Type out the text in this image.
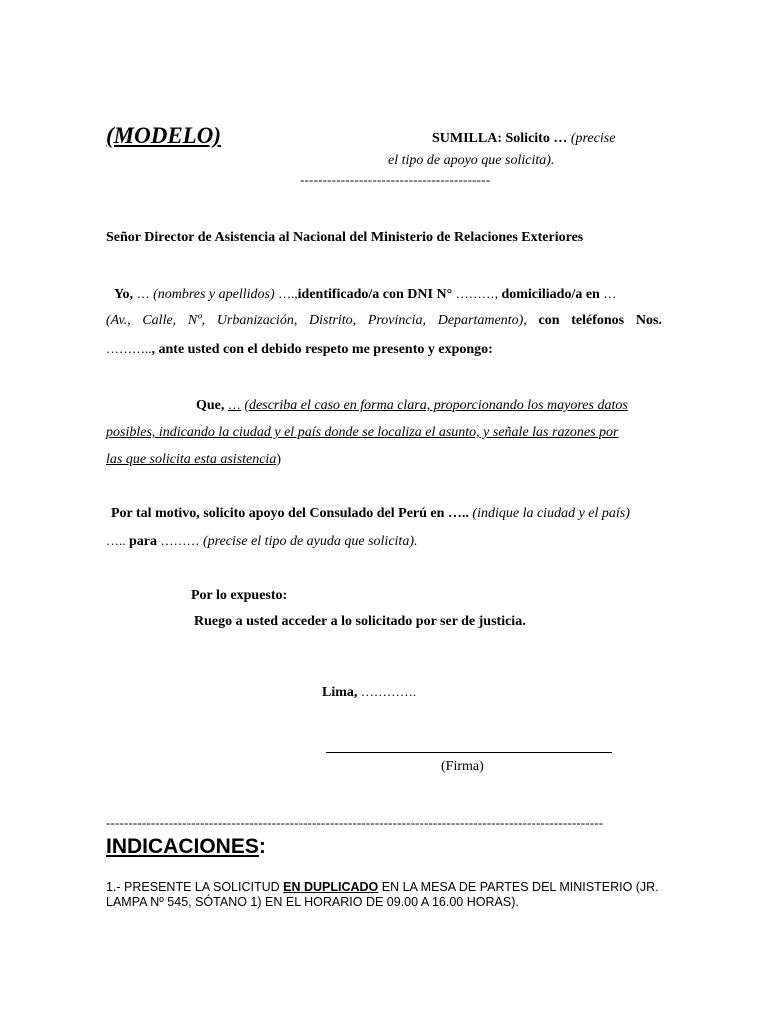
(MODELO)	SUMILLA: Solicito … (precise
el tipo de apoyo que solicita).
------------------------------------------
Señor Director de Asistencia al Nacional del Ministerio de Relaciones Exteriores
Yo, … (nombres y apellidos) ….,identificado/a con DNI N° ………, domiciliado/a en …
(Av., Calle, Nº, Urbanización, Distrito, Provincia, Departamento), con teléfonos Nos.
……….., ante usted con el debido respeto me presento y expongo:
Que, … (describa el caso en forma clara, proporcionando los mayores datos
posibles, indicando la ciudad y el país donde se localiza el asunto, y señale las razones por
las que solicita esta asistencia)
Por tal motivo, solicito apoyo del Consulado del Perú en ….. (indique la ciudad y el país)
….. para ……… (precise el tipo de ayuda que solicita).
Por lo expuesto:
Ruego a usted acceder a lo solicitado por ser de justicia.
Lima, ………….
(Firma)
---------------------------------------------------------------------------------------------------------------
INDICACIONES:
1.- PRESENTE LA SOLICITUD EN DUPLICADO EN LA MESA DE PARTES DEL MINISTERIO (JR.
LAMPA Nº 545, SÓTANO 1) EN EL HORARIO DE 09.00 A 16.00 HORAS).
